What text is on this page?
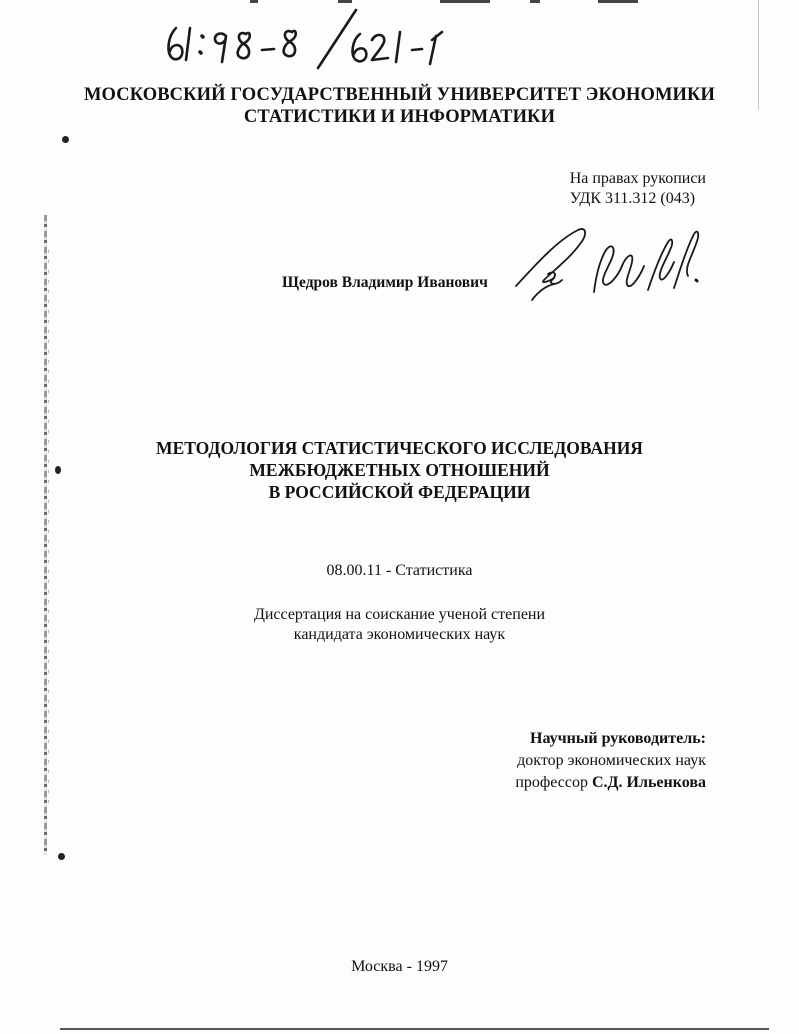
МОСКОВСКИЙ ГОСУДАРСТВЕННЫЙ УНИВЕРСИТЕТ ЭКОНОМИКИ
СТАТИСТИКИ И ИНФОРМАТИКИ
На правах рукописи
УДК 311.312 (043)
Щедров Владимир Иванович
МЕТОДОЛОГИЯ СТАТИСТИЧЕСКОГО ИССЛЕДОВАНИЯ
МЕЖБЮДЖЕТНЫХ ОТНОШЕНИЙ
В РОССИЙСКОЙ ФЕДЕРАЦИИ
08.00.11 - Статистика
Диссертация на соискание ученой степени
кандидата экономических наук
Научный руководитель:
доктор экономических наук
профессор С.Д. Ильенкова
Москва - 1997
